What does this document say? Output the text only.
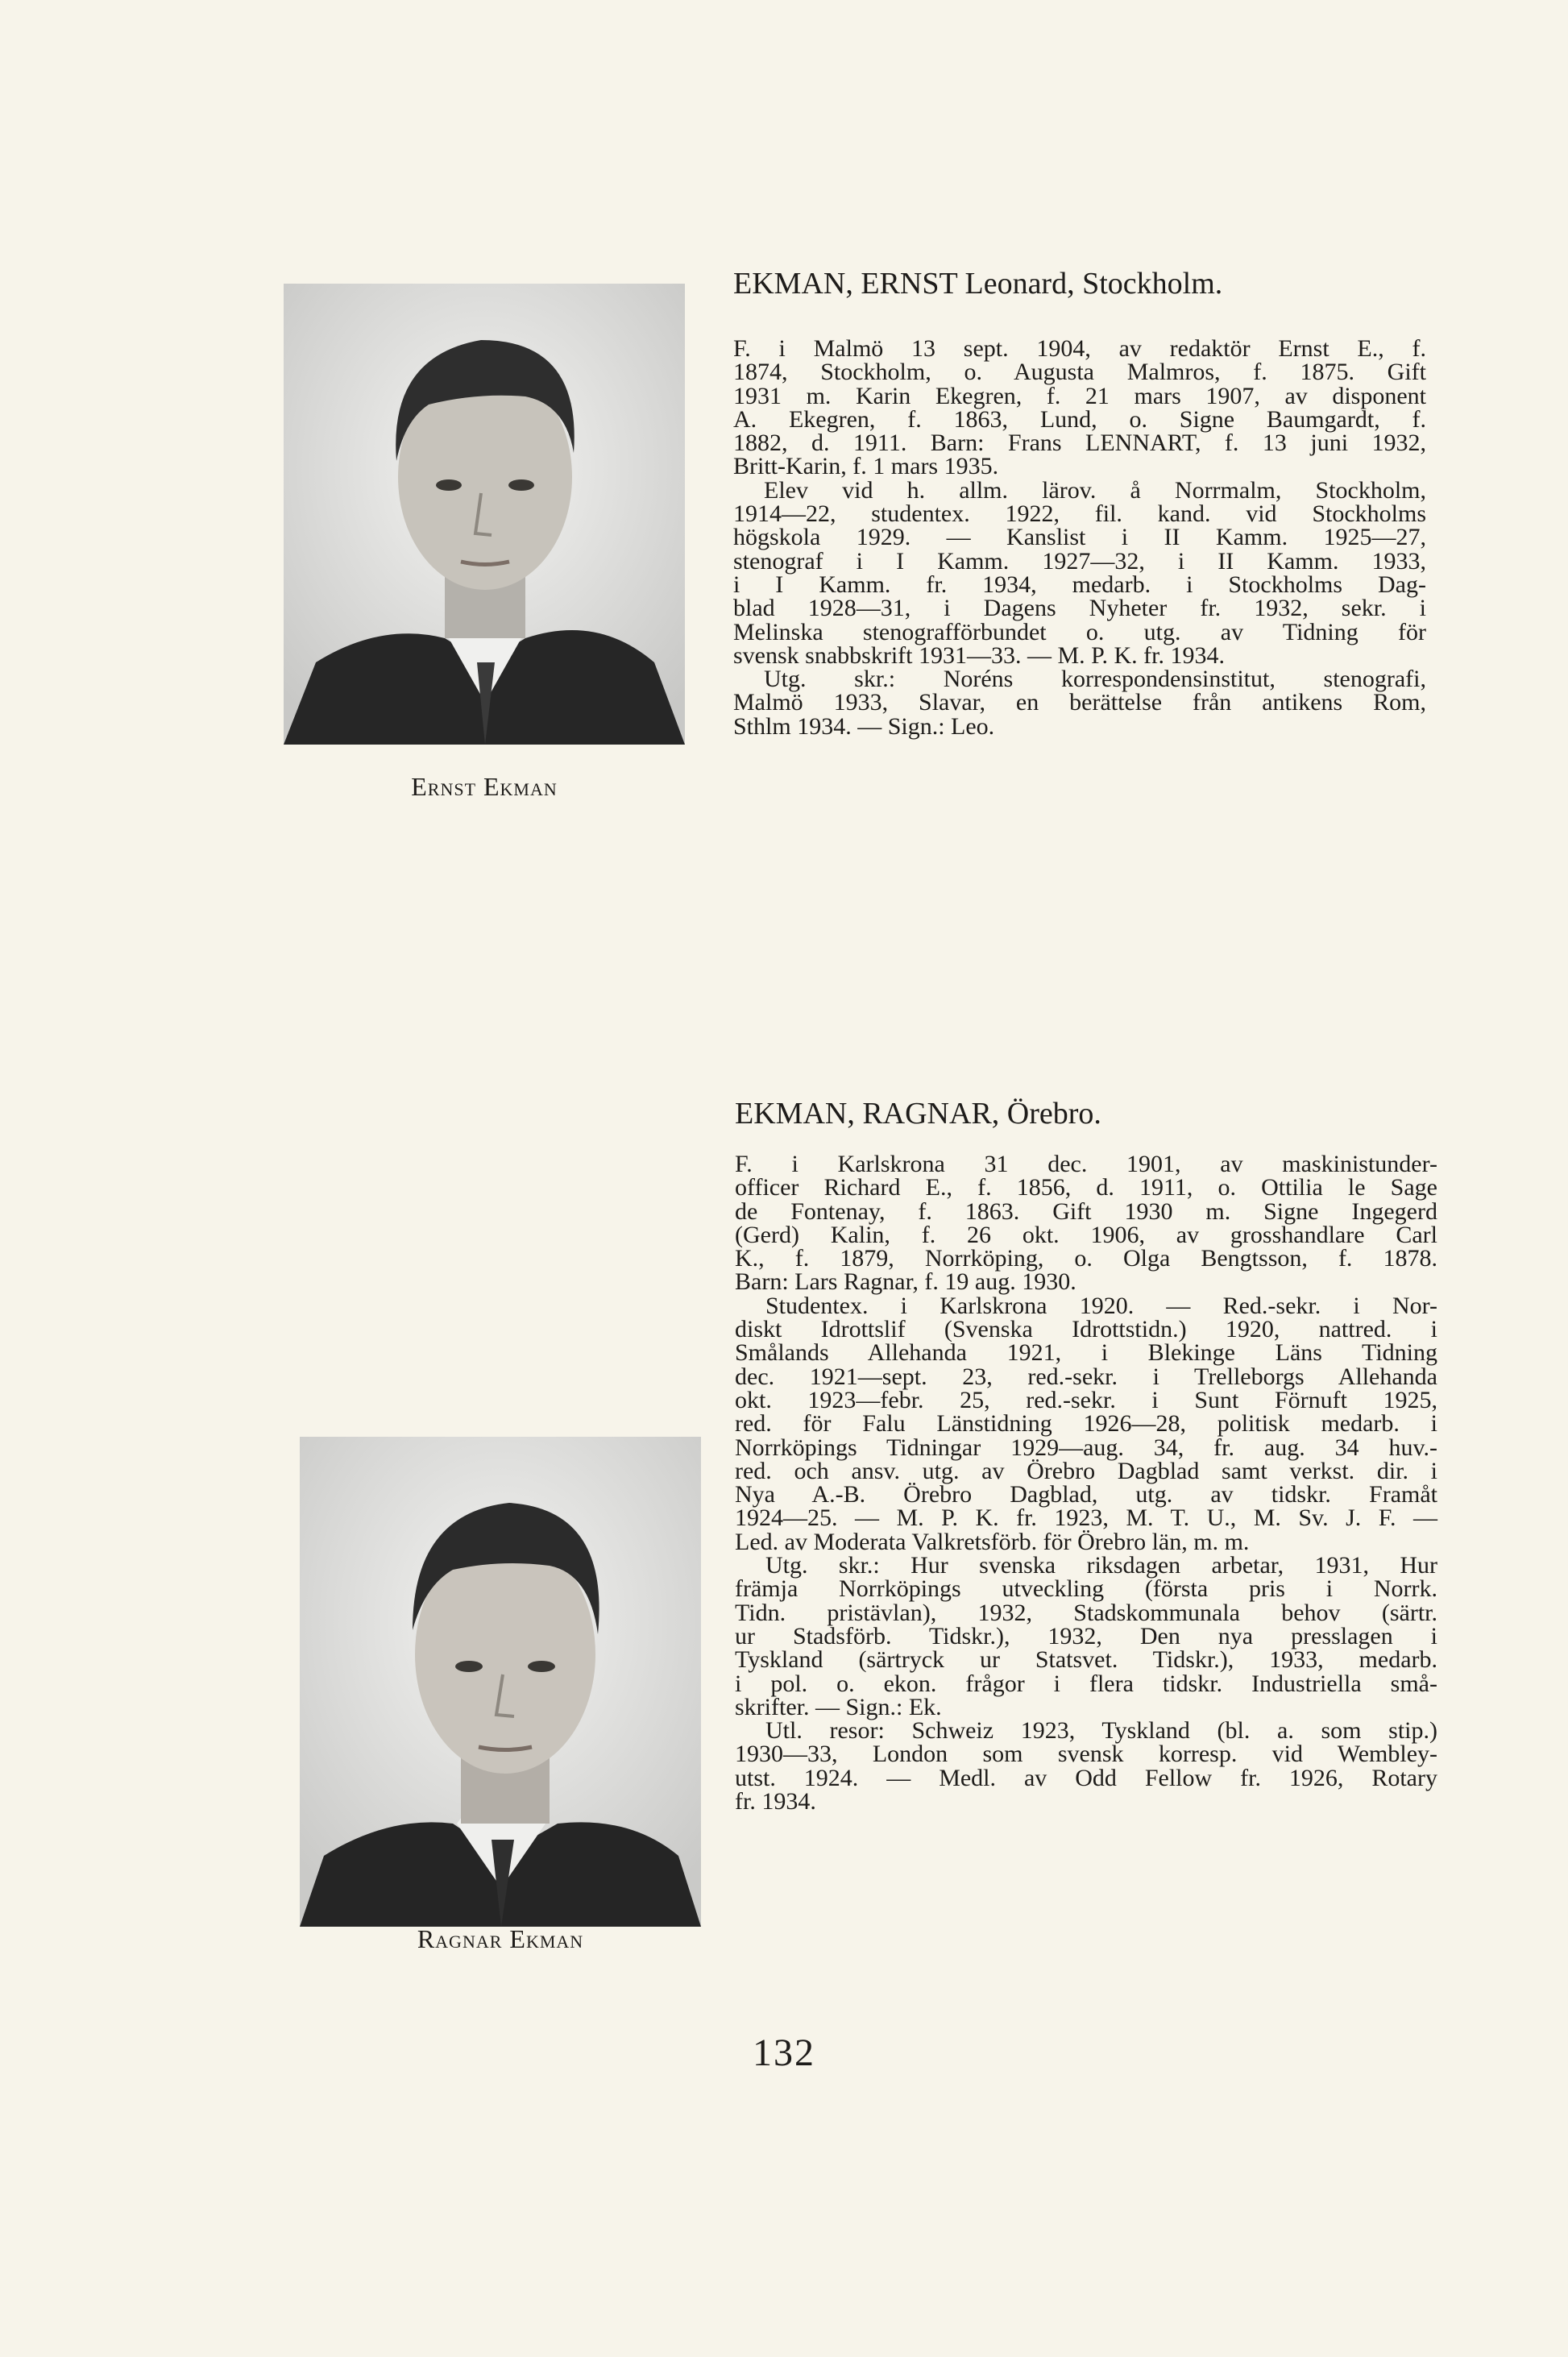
Ernst Ekman
EKMAN, ERNST Leonard, Stockholm.
F. i Malmö 13 sept. 1904, av redaktör Ernst E., f.
1874, Stockholm, o. Augusta Malmros, f. 1875. Gift
1931 m. Karin Ekegren, f. 21 mars 1907, av disponent
A. Ekegren, f. 1863, Lund, o. Signe Baumgardt, f.
1882, d. 1911. Barn: Frans LENNART, f. 13 juni 1932,
Britt-Karin, f. 1 mars 1935.
Elev vid h. allm. lärov. å Norrmalm, Stockholm,
1914—22, studentex. 1922, fil. kand. vid Stockholms
högskola 1929. — Kanslist i II Kamm. 1925—27,
stenograf i I Kamm. 1927—32, i II Kamm. 1933,
i I Kamm. fr. 1934, medarb. i Stockholms Dag-
blad 1928—31, i Dagens Nyheter fr. 1932, sekr. i
Melinska stenografförbundet o. utg. av Tidning för
svensk snabbskrift 1931—33. — M. P. K. fr. 1934.
Utg. skr.: Noréns korrespondensinstitut, stenografi,
Malmö 1933, Slavar, en berättelse från antikens Rom,
Sthlm 1934. — Sign.: Leo.
EKMAN, RAGNAR, Örebro.
F. i Karlskrona 31 dec. 1901, av maskinistunder-
officer Richard E., f. 1856, d. 1911, o. Ottilia le Sage
de Fontenay, f. 1863. Gift 1930 m. Signe Ingegerd
(Gerd) Kalin, f. 26 okt. 1906, av grosshandlare Carl
K., f. 1879, Norrköping, o. Olga Bengtsson, f. 1878.
Barn: Lars Ragnar, f. 19 aug. 1930.
Studentex. i Karlskrona 1920. — Red.-sekr. i Nor-
diskt Idrottslif (Svenska Idrottstidn.) 1920, nattred. i
Smålands Allehanda 1921, i Blekinge Läns Tidning
dec. 1921—sept. 23, red.-sekr. i Trelleborgs Allehanda
okt. 1923—febr. 25, red.-sekr. i Sunt Förnuft 1925,
red. för Falu Länstidning 1926—28, politisk medarb. i
Norrköpings Tidningar 1929—aug. 34, fr. aug. 34 huv.-
red. och ansv. utg. av Örebro Dagblad samt verkst. dir. i
Nya A.-B. Örebro Dagblad, utg. av tidskr. Framåt
1924—25. — M. P. K. fr. 1923, M. T. U., M. Sv. J. F. —
Led. av Moderata Valkretsförb. för Örebro län, m. m.
Utg. skr.: Hur svenska riksdagen arbetar, 1931, Hur
främja Norrköpings utveckling (första pris i Norrk.
Tidn. pristävlan), 1932, Stadskommunala behov (särtr.
ur Stadsförb. Tidskr.), 1932, Den nya presslagen i
Tyskland (särtryck ur Statsvet. Tidskr.), 1933, medarb.
i pol. o. ekon. frågor i flera tidskr. Industriella små-
skrifter. — Sign.: Ek.
Utl. resor: Schweiz 1923, Tyskland (bl. a. som stip.)
1930—33, London som svensk korresp. vid Wembley-
utst. 1924. — Medl. av Odd Fellow fr. 1926, Rotary
fr. 1934.
Ragnar Ekman
132
